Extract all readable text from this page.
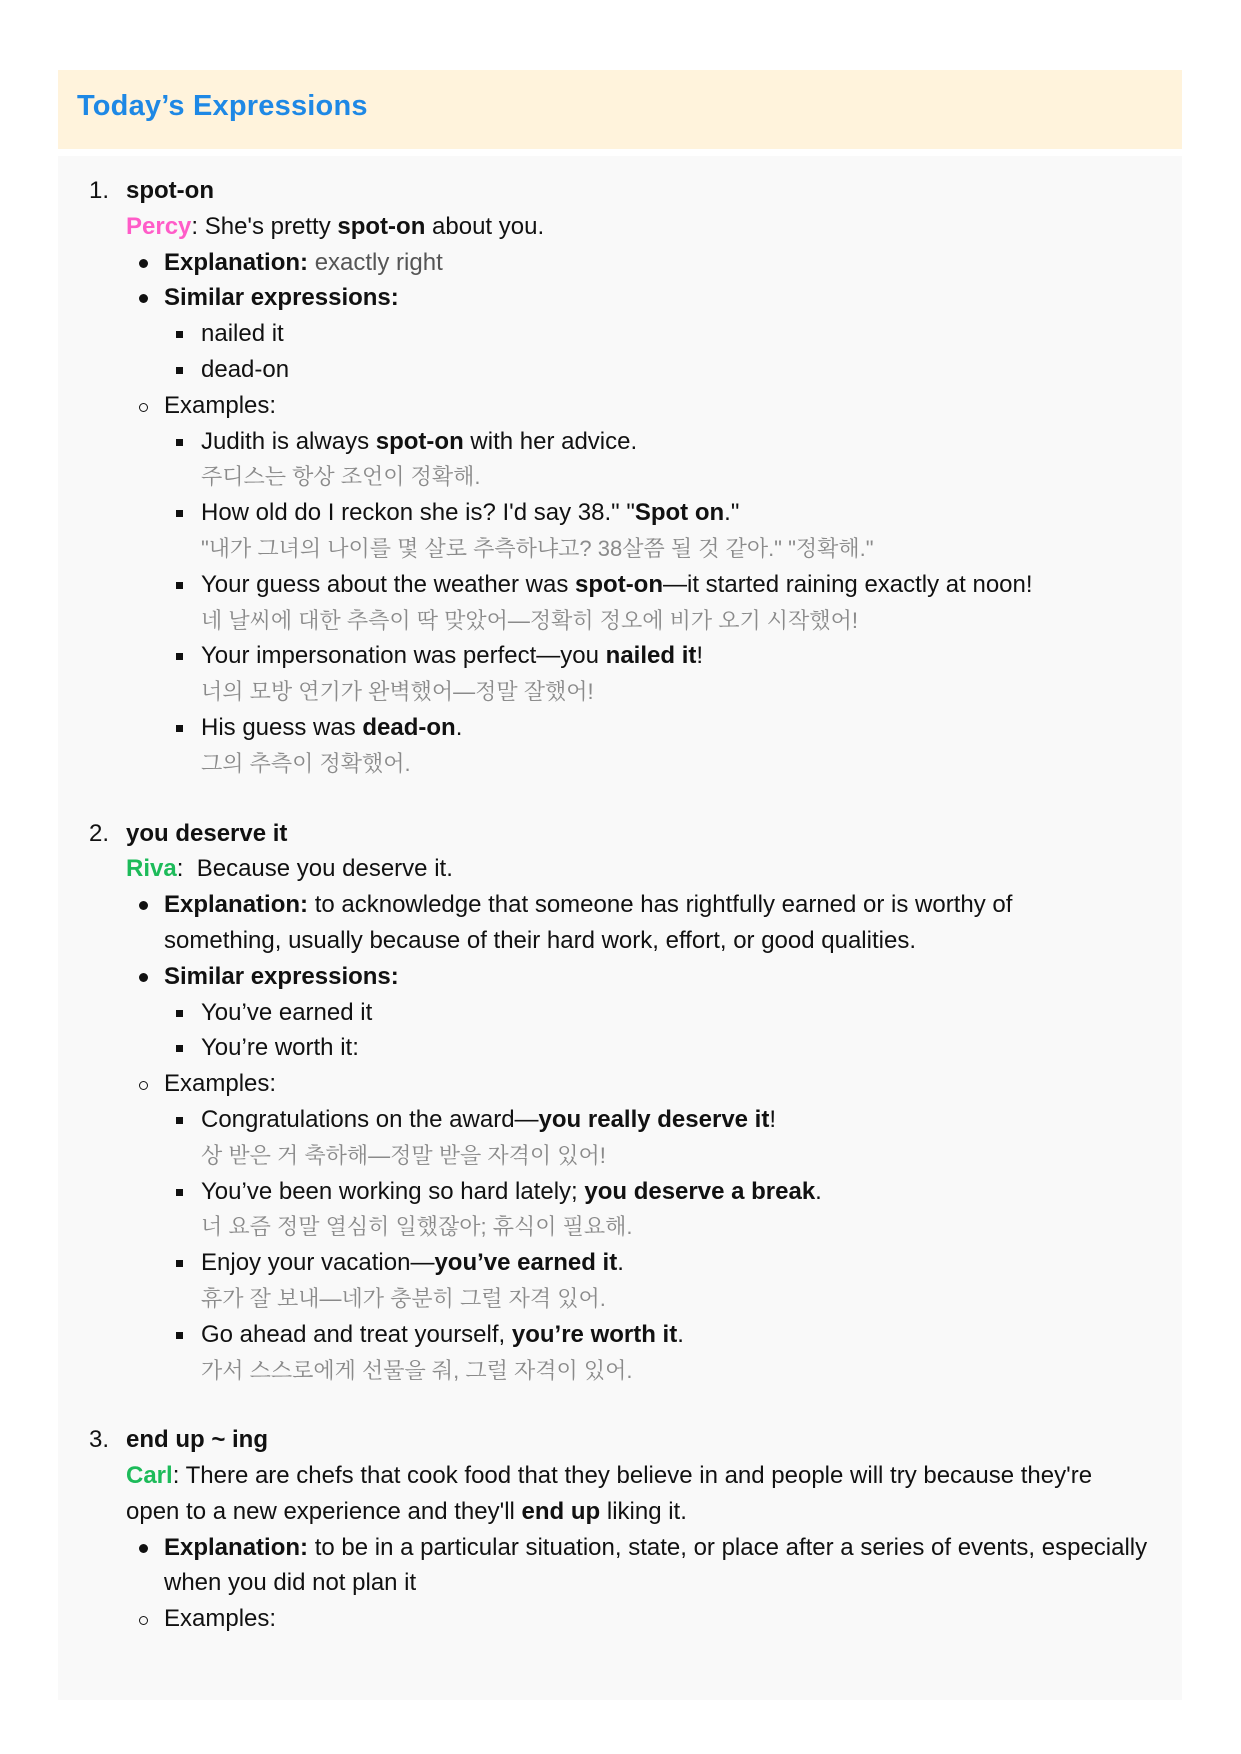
Today’s Expressions
1. spot-on
Percy: She's pretty spot-on about you.
Explanation: exactly right
Similar expressions:
nailed it
dead-on
Examples:
Judith is always spot-on with her advice.
주디스는 항상 조언이 정확해.
How old do I reckon she is? I'd say 38." "Spot on."
"내가 그녀의 나이를 몇 살로 추측하냐고? 38살쯤 될 것 같아." "정확해."
Your guess about the weather was spot-on—it started raining exactly at noon!
네 날씨에 대한 추측이 딱 맞았어—정확히 정오에 비가 오기 시작했어!
Your impersonation was perfect—you nailed it!
너의 모방 연기가 완벽했어—정말 잘했어!
His guess was dead-on.
그의 추측이 정확했어.
2. you deserve it
Riva:  Because you deserve it.
Explanation: to acknowledge that someone has rightfully earned or is worthy of something, usually because of their hard work, effort, or good qualities.
Similar expressions:
You’ve earned it
You’re worth it:
Examples:
Congratulations on the award—you really deserve it!
상 받은 거 축하해—정말 받을 자격이 있어!
You’ve been working so hard lately; you deserve a break.
너 요즘 정말 열심히 일했잖아; 휴식이 필요해.
Enjoy your vacation—you’ve earned it.
휴가 잘 보내—네가 충분히 그럴 자격 있어.
Go ahead and treat yourself, you’re worth it.
가서 스스로에게 선물을 줘, 그럴 자격이 있어.
3. end up ~ ing
Carl: There are chefs that cook food that they believe in and people will try because they're open to a new experience and they'll end up liking it.
Explanation: to be in a particular situation, state, or place after a series of events, especially when you did not plan it
Examples:
